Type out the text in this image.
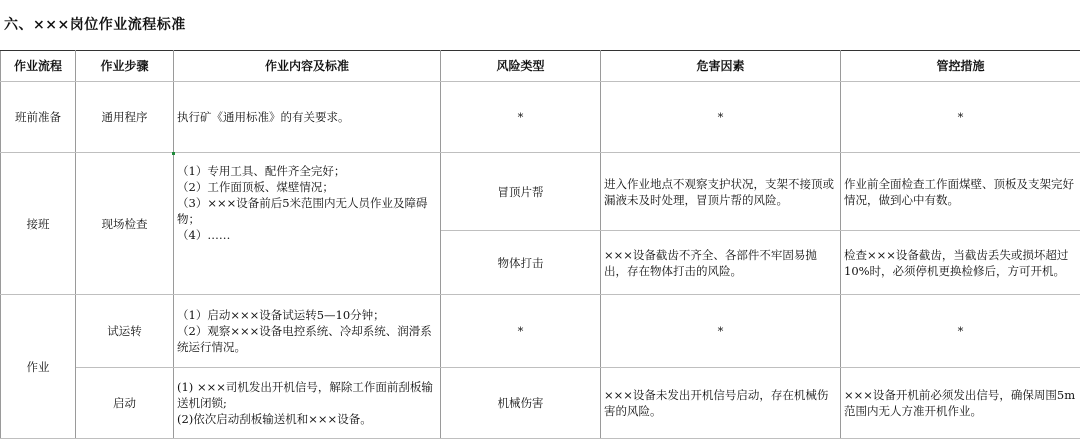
六、×××岗位作业流程标准
作业流程	作业步骤	作业内容及标准	风险类型	危害因素	管控措施
班前准备	通用程序	执行矿《通用标准》的有关要求。	*	*	*
接班	现场检查	（1）专用工具、配件齐全完好；
（2）工作面顶板、煤壁情况；
（3）×××设备前后5米范围内无人员作业及障碍物；
（4）……	冒顶片帮	进入作业地点不观察支护状况，支架不接顶或漏液未及时处理，冒顶片帮的风险。	作业前全面检查工作面煤壁、顶板及支架完好情况，做到心中有数。
			物体打击	×××设备截齿不齐全、各部件不牢固易抛出，存在物体打击的风险。	检查×××设备截齿，当截齿丢失或损坏超过10%时，必须停机更换检修后，方可开机。
作业	试运转	（1）启动×××设备试运转5—10分钟；
（2）观察×××设备电控系统、冷却系统、润滑系统运行情况。	*	*	*
	启动	(1) ×××司机发出开机信号，解除工作面前刮板输送机闭锁;
(2)依次启动刮板输送机和×××设备。	机械伤害	×××设备未发出开机信号启动，存在机械伤害的风险。	×××设备开机前必须发出信号，确保周围5m范围内无人方准开机作业。
